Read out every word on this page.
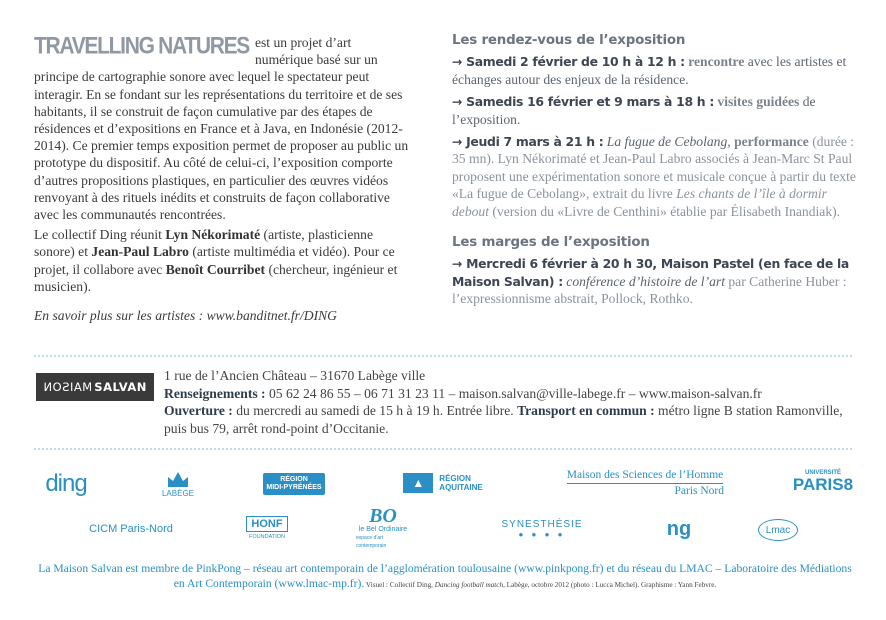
TRAVELLING NATURES est un projet d’art numérique basé sur un principe de cartographie sonore avec lequel le spectateur peut interagir. En se fondant sur les représentations du territoire et de ses habitants, il se construit de façon cumulative par des étapes de résidences et d’expositions en France et à Java, en Indonésie (2012-2014). Ce premier temps exposition permet de proposer au public un prototype du dispositif. Au côté de celui-ci, l’exposition comporte d’autres propositions plastiques, en particulier des œuvres vidéos renvoyant à des rituels inédits et construits de façon collaborative avec les communautés rencontrées.

Le collectif Ding réunit Lyn Nékorimaté (artiste, plasticienne sonore) et Jean-Paul Labro (artiste multimédia et vidéo). Pour ce projet, il collabore avec Benoît Courribet (chercheur, ingénieur et musicien).

En savoir plus sur les artistes : www.banditnet.fr/DING

Les rendez-vous de l’exposition
→ Samedi 2 février de 10 h à 12 h : rencontre avec les artistes et échanges autour des enjeux de la résidence.
→ Samedis 16 février et 9 mars à 18 h : visites guidées de l’exposition.
→ Jeudi 7 mars à 21 h : La fugue de Cebolang, performance (durée : 35 mn). Lyn Nékorimaté et Jean-Paul Labro associés à Jean-Marc St Paul proposent une expérimentation sonore et musicale conçue à partir du texte «La fugue de Cebolang», extrait du livre Les chants de l’île à dormir debout (version du «Livre de Centhini» établie par Élisabeth Inandiak).
Les marges de l’exposition
→ Mercredi 6 février à 20 h 30, Maison Pastel (en face de la Maison Salvan) : conférence d’histoire de l’art par Catherine Huber : l’expressionnisme abstrait, Pollock, Rothko.
MAISON SALVAN
1 rue de l’Ancien Château – 31670 Labège ville
Renseignements : 05 62 24 86 55 – 06 71 31 23 11 – maison.salvan@ville-labege.fr – www.maison-salvan.fr
Ouverture : du mercredi au samedi de 15 h à 19 h. Entrée libre. Transport en commun : métro ligne B station Ramonville, puis bus 79, arrêt rond-point d’Occitanie.
ding	LABÈGE
RÉGION
MIDI-PYRÉNÉES	▲	RÉGION
AQUITAINE
Maison des Sciences de l’Homme
Paris Nord
UNIVERSITÉ
PARIS8
CICM Paris-Nord	HONF
FOUNDATION
BO
le Bel Ordinaire
espace d’art contemporain
SYNESTHÉSIE
● ● ● ●	ng	Lmac
La Maison Salvan est membre de PinkPong – réseau art contemporain de l’agglomération toulousaine (www.pinkpong.fr) et du réseau du LMAC – Laboratoire des Médiations en Art Contemporain (www.lmac-mp.fr). Visuel : Collectif Ding, Dancing football match, Labège, octobre 2012 (photo : Lucca Michel). Graphisme : Yann Febvre.
